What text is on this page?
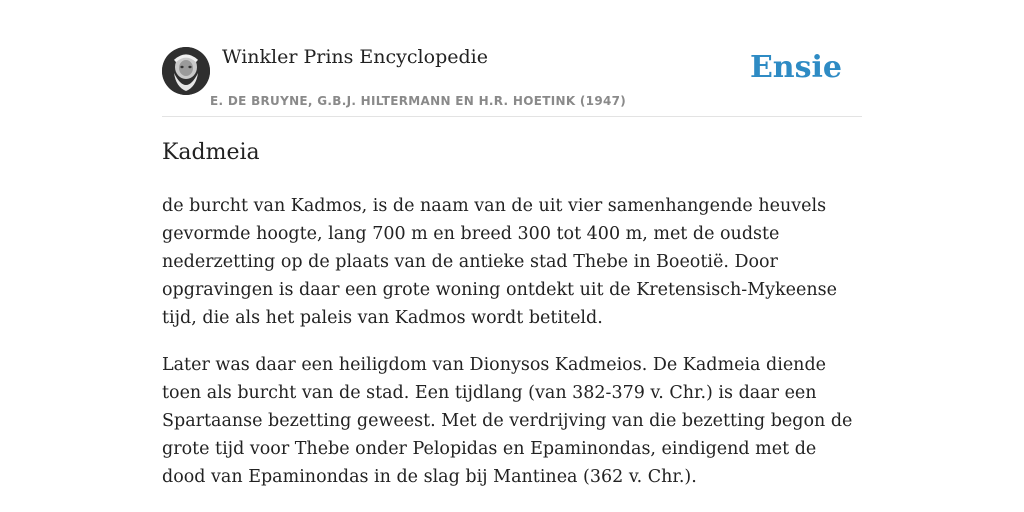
Winkler Prins Encyclopedie
E. DE BRUYNE, G.B.J. HILTERMANN EN H.R. HOETINK (1947)
Ensie
Kadmeia

de burcht van Kadmos, is de naam van de uit vier samenhangende heuvels gevormde hoogte, lang 700 m en breed 300 tot 400 m, met de oudste nederzetting op de plaats van de antieke stad Thebe in Boeotië. Door opgravingen is daar een grote woning ontdekt uit de Kretensisch-Mykeense tijd, die als het paleis van Kadmos wordt betiteld.

Later was daar een heiligdom van Dionysos Kadmeios. De Kadmeia diende toen als burcht van de stad. Een tijdlang (van 382-379 v. Chr.) is daar een Spartaanse bezetting geweest. Met de verdrijving van die bezetting begon de grote tijd voor Thebe onder Pelopidas en Epaminondas, eindigend met de dood van Epaminondas in de slag bij Mantinea (362 v. Chr.).
